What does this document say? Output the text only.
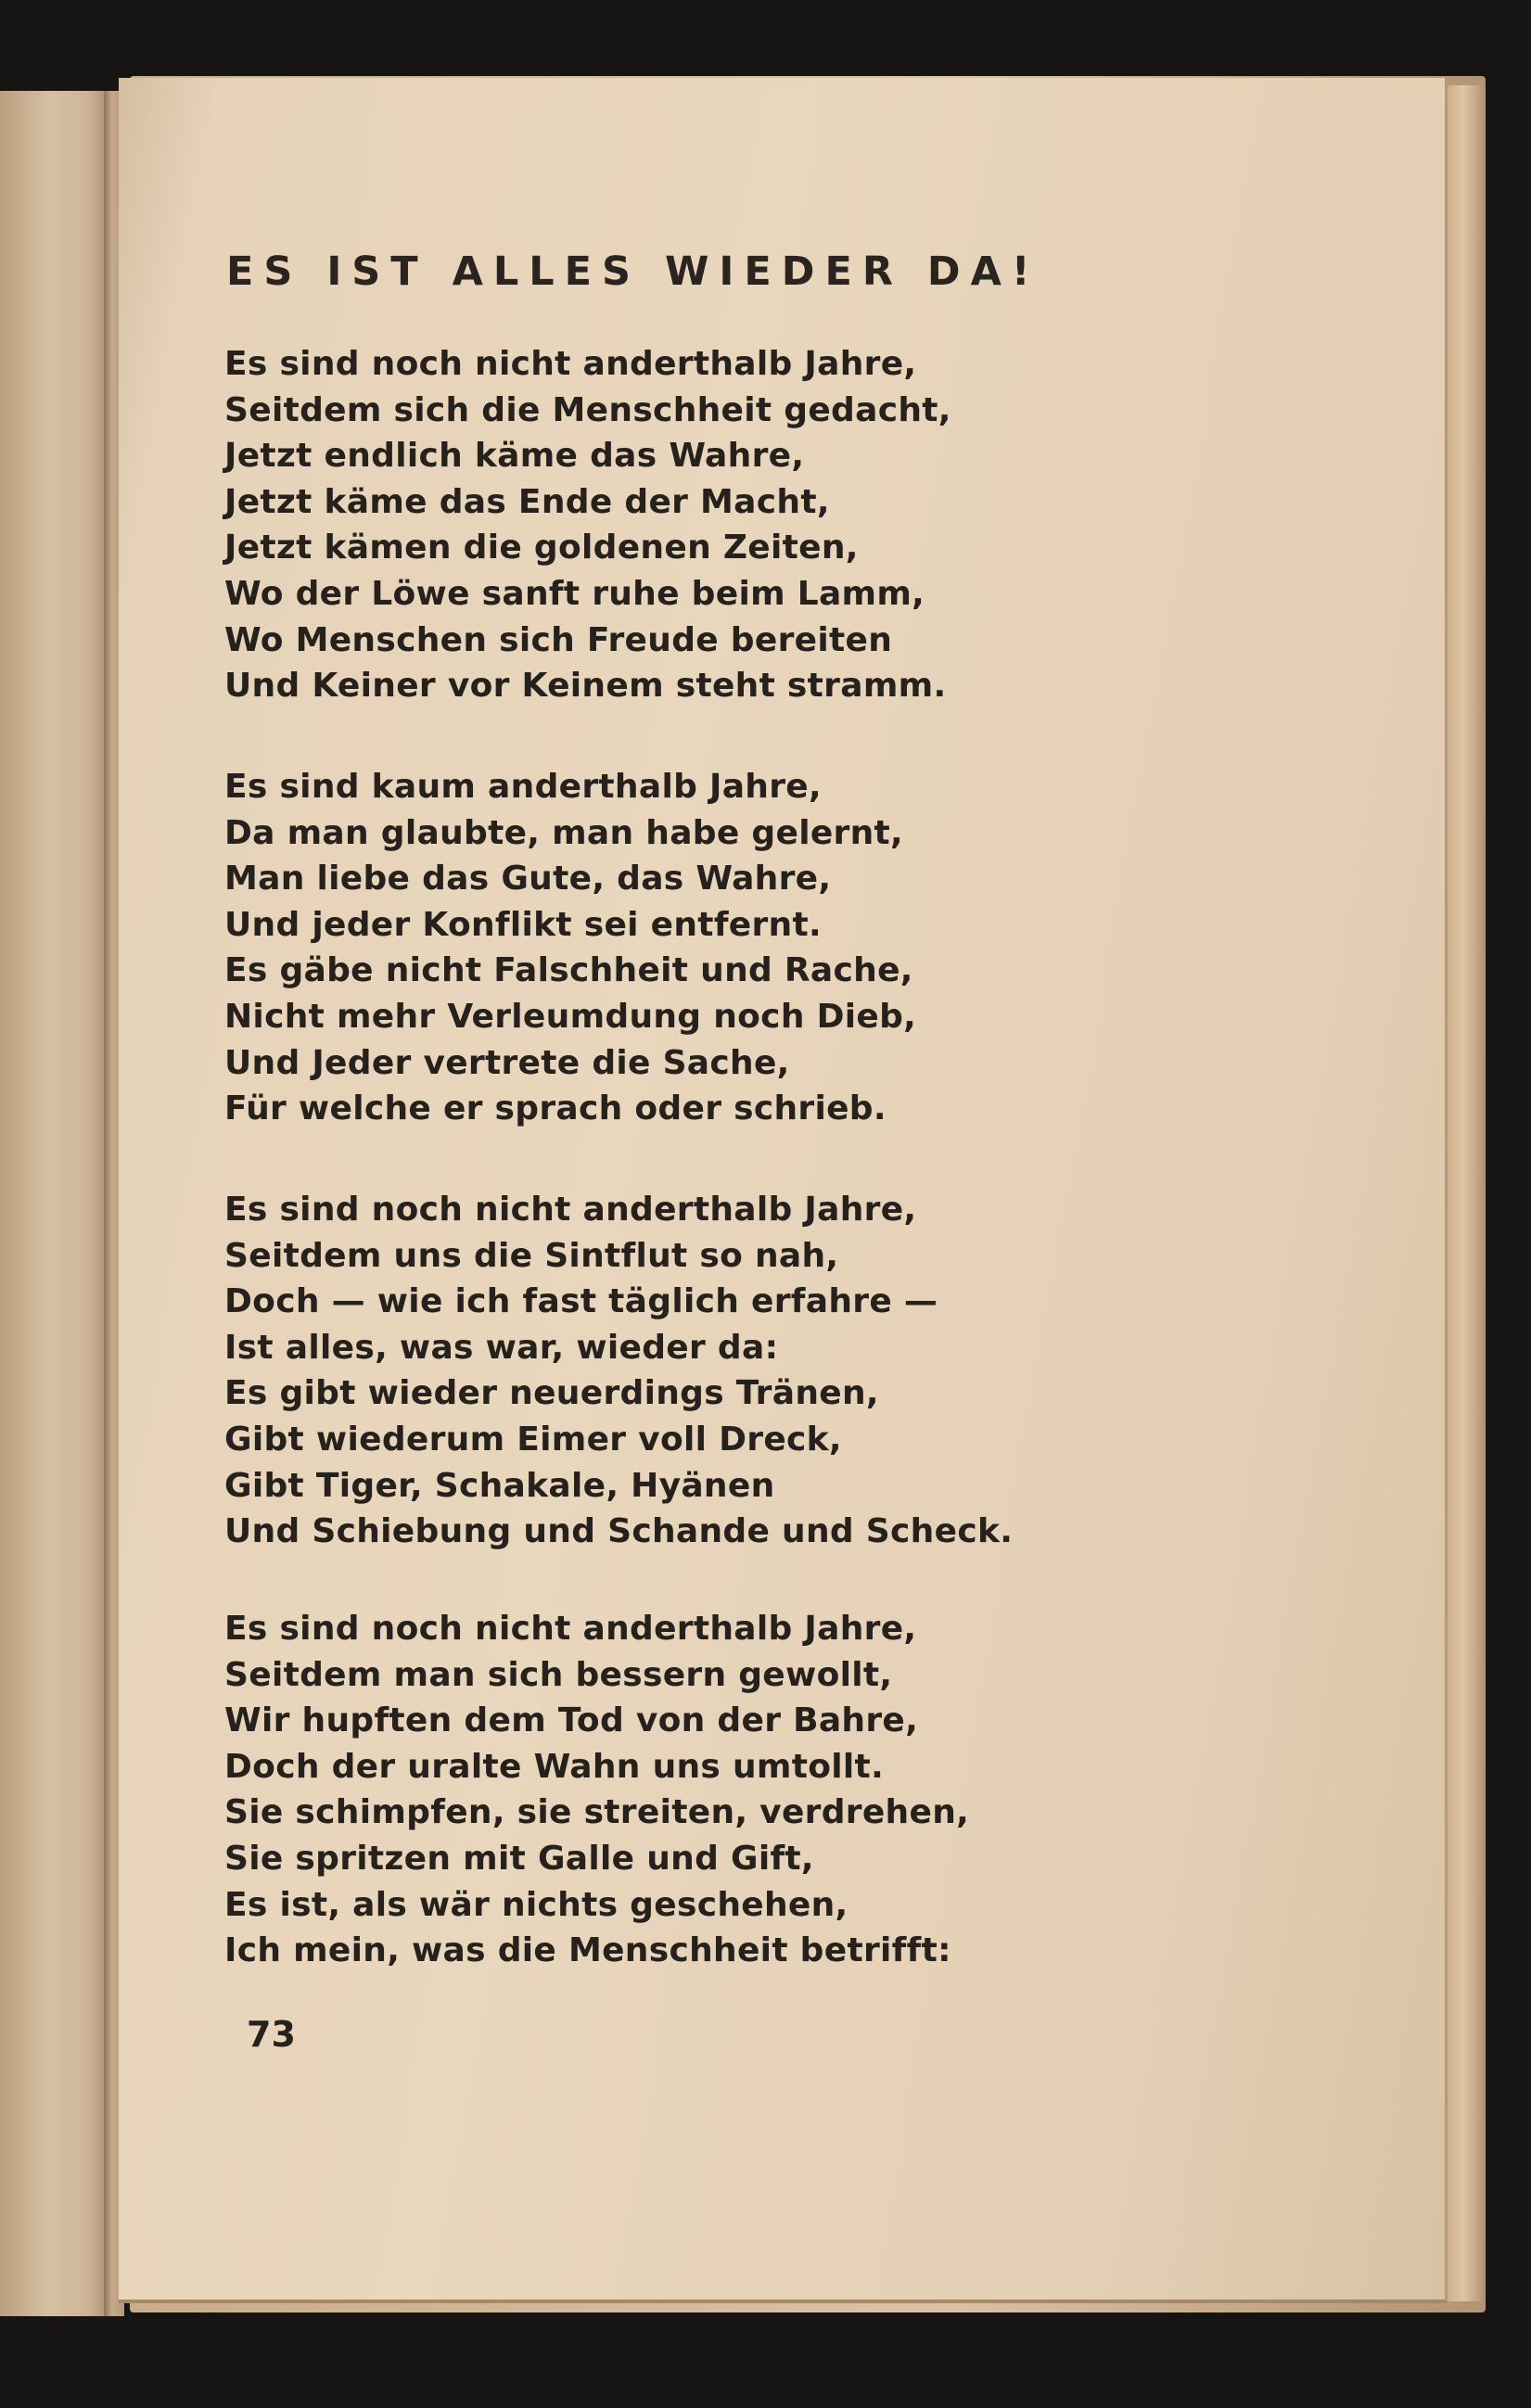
ES IST ALLES WIEDER DA!
Es sind noch nicht anderthalb Jahre,
Seitdem sich die Menschheit gedacht,
Jetzt endlich käme das Wahre,
Jetzt käme das Ende der Macht,
Jetzt kämen die goldenen Zeiten,
Wo der Löwe sanft ruhe beim Lamm,
Wo Menschen sich Freude bereiten
Und Keiner vor Keinem steht stramm.
Es sind kaum anderthalb Jahre,
Da man glaubte, man habe gelernt,
Man liebe das Gute, das Wahre,
Und jeder Konflikt sei entfernt.
Es gäbe nicht Falschheit und Rache,
Nicht mehr Verleumdung noch Dieb,
Und Jeder vertrete die Sache,
Für welche er sprach oder schrieb.
Es sind noch nicht anderthalb Jahre,
Seitdem uns die Sintflut so nah,
Doch — wie ich fast täglich erfahre —
Ist alles, was war, wieder da:
Es gibt wieder neuerdings Tränen,
Gibt wiederum Eimer voll Dreck,
Gibt Tiger, Schakale, Hyänen
Und Schiebung und Schande und Scheck.
Es sind noch nicht anderthalb Jahre,
Seitdem man sich bessern gewollt,
Wir hupften dem Tod von der Bahre,
Doch der uralte Wahn uns umtollt.
Sie schimpfen, sie streiten, verdrehen,
Sie spritzen mit Galle und Gift,
Es ist, als wär nichts geschehen,
Ich mein, was die Menschheit betrifft:
73
